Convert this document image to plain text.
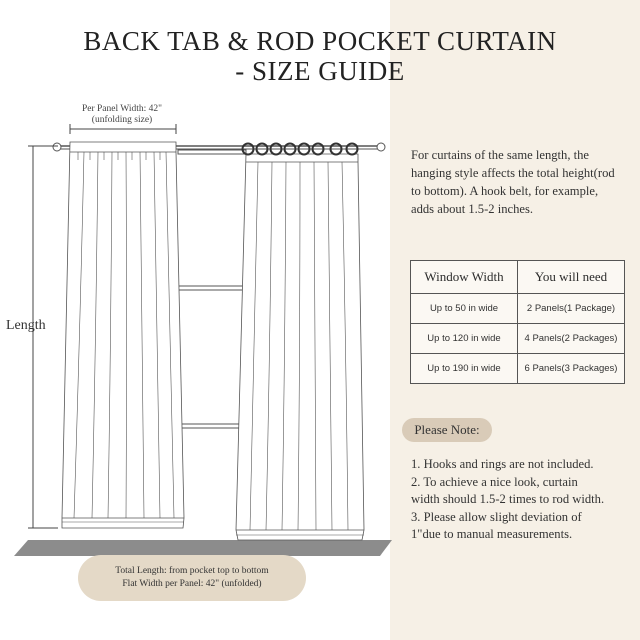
BACK TAB & ROD POCKET CURTAIN
- SIZE GUIDE
Per Panel Width: 42"
(unfolding size)
Length
Total Length: from pocket top to bottom
Flat Width per Panel: 42" (unfolded)
For curtains of the same length, the hanging style affects the total height(rod to bottom). A hook belt, for example, adds about 1.5-2 inches.
Window Width	You will need
Up to 50 in wide	2 Panels(1 Package)
Up to 120 in wide	4 Panels(2 Packages)
Up to 190 in wide	6 Panels(3 Packages)
Please Note:
1. Hooks and rings are not included.
2. To achieve a nice look, curtain
width should 1.5-2 times to rod width.
3. Please allow slight deviation of
1"due to manual measurements.
